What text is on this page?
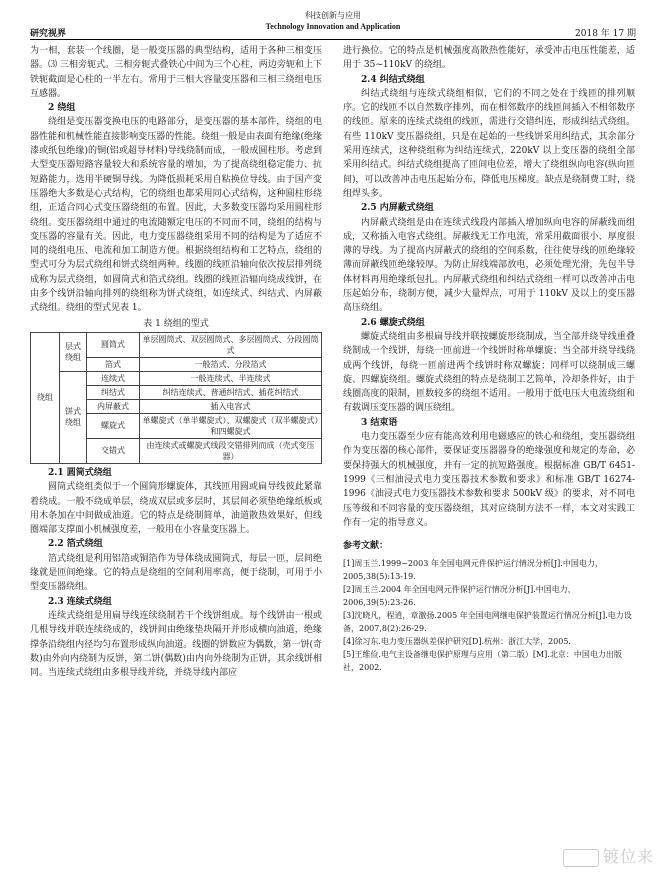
科技创新与应用
Technology Innovation and Application
研究视界	2018 年 17 期

为一相，套装一个线圈，是一般变压器的典型结构，适用于各种三相变压器。⑶ 三相旁轭式。三相旁轭式叠铁心中间为三个心柱，两边旁轭和上下铁轭截面是心柱的一半左右。常用于三相大容量变压器和三相三绕组电压互感器。

2 绕组

绕组是变压器变换电压的电路部分，是变压器的基本部件，绕组的电器性能和机械性能直接影响变压器的性能。绕组一般是由表面有绝缘(绝缘漆或纸包绝缘)的铜(铝或超导材料)导线绕制而成，一般成圆柱形。考虑到大型变压器短路容量较大和系统容量的增加，为了提高绕组稳定能力、抗短路能力，选用半硬铜导线。为降低损耗采用自粘换位导线。由于国产变压器绝大多数是心式结构，它的绕组也都采用同心式结构，这种圆柱形绕组，正适合同心式变压器绕组的布置。因此，大多数变压器均采用圆柱形绕组。变压器绕组中通过的电流随额定电压的不同而不同，绕组的结构与变压器的容量有关。因此，电力变压器绕组采用不同的结构是为了适应不同的绕组电压、电流和加工制造方便。根据绕组结构和工艺特点，绕组的型式可分为层式绕组和饼式绕组两种。线圈的线匝沿轴向依次按层排列绕成称为层式绕组，如圆筒式和箔式绕组。线圈的线匝沿辐向绕成线饼，在由多个线饼沿轴向排列的绕组称为饼式绕组，如连续式、纠结式、内屏蔽式绕组。绕组的型式见表 1。

表 1 绕组的型式
绕组	层式绕组	圆筒式	单层圆筒式、双层圆筒式、多层圆筒式、分段圆筒式
		箔式	一般箔式、分段箔式
	饼式绕组	连续式	一般连续式、半连续式
		纠结式	纠结连续式、普通纠结式、插花纠结式
		内屏蔽式	插入电容式
		螺旋式	单螺旋式（单半螺旋式）、双螺旋式（双半螺旋式）和四螺旋式
		交错式	由连续式或螺旋式线段交错排列而成（壳式变压器）
2.1 圆筒式绕组

圆筒式绕组类似于一个圆筒形螺旋体，其线匝用圆或扁导线彼此紧靠着绕成。一般不绕成单层，绕成双层或多层时，其层间必须垫绝缘纸板或用木条加在中间做成油道。它的特点是绕制简单，油道散热效果好，但线圈端部支撑面小机械强度差，一般用在小容量变压器上。

2.2 箔式绕组

箔式绕组是利用铝箔或铜箔作为导体绕成圆筒式，每层一匝，层间绝缘就是匝间绝缘。它的特点是绕组的空间利用率高，便于绕制，可用于小型变压器绕组。

2.3 连续式绕组

连续式绕组是用扁导线连续绕制若干个线饼组成。每个线饼由一根或几根导线并联连续绕成的，线饼间由绝缘垫块隔开并形成横向油道，绝缘撑条沿绕组内径均匀布置形成纵向油道。线圈的饼数应为偶数，第一饼(奇数)由外向内绕制为反饼，第二饼(偶数)由内向外绕制为正饼，其余线饼相同。当连续式绕组由多根导线并绕，并绕导线内部应

进行换位。它的特点是机械强度高散热性能好，承受冲击电压性能差，适用于 35~110kV 的绕组。

2.4 纠结式绕组

纠结式绕组与连续式绕组相似，它们的不同之处在于线匝的排列顺序。它的线匝不以自然数序排列，而在相邻数序的线匝间插入不相邻数序的线匝。原来的连续式绕组的线匝，需进行交错纠连，形成纠结式绕组。有些 110kV 变压器绕组，只是在起始的一些线饼采用纠结式，其余部分采用连续式，这种绕组称为纠结连续式，220kV 以上变压器的绕组全部采用纠结式。纠结式绕组提高了匝间电位差，增大了绕组纵向电容(纵向匝间)，可以改善冲击电压起始分布，降低电压梯度。缺点是绕制费工时，绕组焊头多。

2.5 内屏蔽式绕组

内屏蔽式绕组是由在连续式线段内部插入增加纵向电容的屏蔽线而组成，又称插入电容式绕组。屏蔽线无工作电流，常采用截面很小、厚度很薄的导线。为了提高内屏蔽式的绕组的空间系数，往往使导线的匝绝缘较薄而屏蔽线匝绝缘较厚。为防止屏线端部放电，必须处理光滑，先包半导体材料再用绝缘纸包扎。内屏蔽式绕组和纠结式绕组一样可以改善冲击电压起始分布，绕制方便，减少大量焊点，可用于 110kV 及以上的变压器高压绕组。

2.6 螺旋式绕组

螺旋式绕组由多根扁导线并联按螺旋形绕制成，当全部并绕导线重叠绕制成一个线饼，每绕一匝前进一个线饼时称单螺旋；当全部并绕导线绕成两个线饼，每绕一匝前进两个线饼时称双螺旋；同样可以绕制成三螺旋、四螺旋绕组。螺旋式绕组的特点是绕制工艺简单，冷却条件好，由于线圈高度的限制，匝数较多的绕组不适用。一般用于低电压大电流绕组和有载调压变压器的调压绕组。

3 结束语

电力变压器至少应有能高效利用电磁感应的铁心和绕组，变压器绕组作为变压器的核心部件，要保证变压器器身的绝缘强度和规定的寿命，必要保持强大的机械强度，并有一定的抗短路强度。根据标准 GB/T 6451-1999《三相油浸式电力变压器技术参数和要求》和标准 GB/T 16274-1996《油浸式电力变压器技术参数和要求 500kV 级》的要求，对不同电压等级和不同容量的变压器绕组，其对应绕制方法不一样，本文对实践工作有一定的指导意义。

参考文献：
[1]周玉兰.1999~2003 年全国电网元件保护运行情况分析[J].中国电力，2005,38(5):13-19.
[2]周玉兰.2004 年全国电网元件保护运行情况分析[J].中国电力，2006,39(5):23-26.
[3]沈晓凡，程逍，章激扬.2005 年全国电网继电保护装置运行情况分析[J].电力设备，2007,8(2):26-29.
[4]徐习东.电力变压器纵差保护研究[D].杭州：浙江大学，2005.
[5]王维俭.电气主设备继电保护原理与应用（第二版）[M].北京：中国电力出版社，2002.
镀位来
